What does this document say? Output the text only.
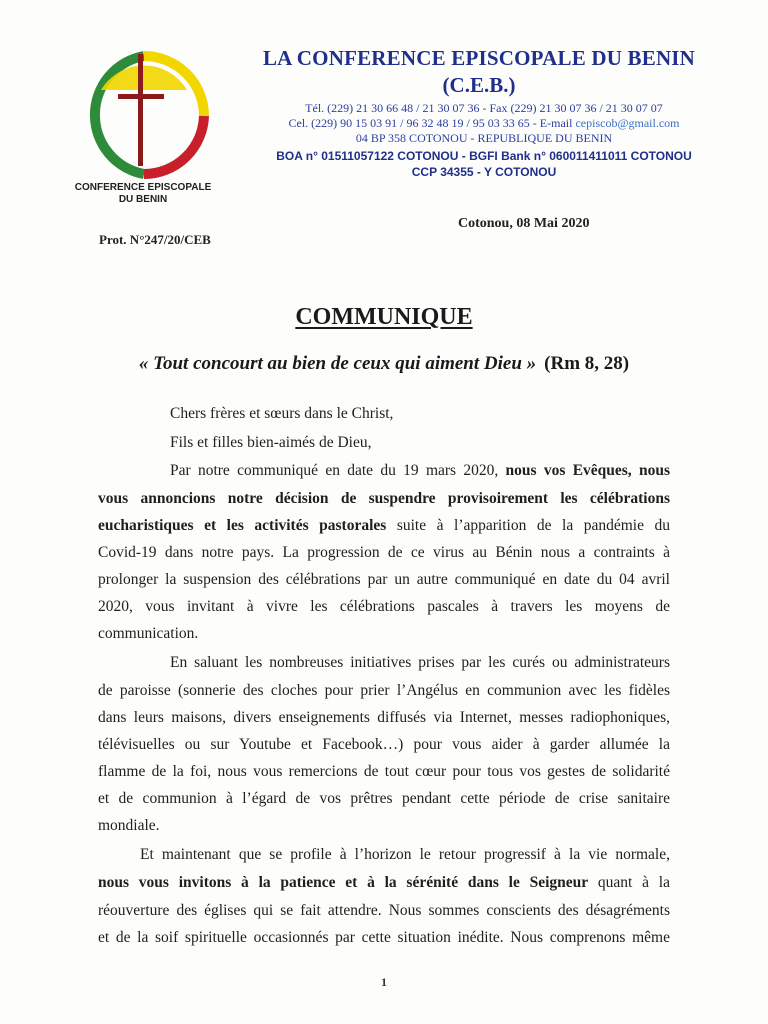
CONFERENCE EPISCOPALE
DU BENIN
LA CONFERENCE EPISCOPALE DU BENIN
(C.E.B.)
Tél. (229) 21 30 66 48 / 21 30 07 36 - Fax (229) 21 30 07 36 / 21 30 07 07
Cel. (229) 90 15 03 91 / 96 32 48 19 / 95 03 33 65 - E-mail cepiscob@gmail.com
04 BP 358 COTONOU - REPUBLIQUE DU BENIN
BOA n° 01511057122 COTONOU - BGFI Bank n° 060011411011 COTONOU
CCP 34355 - Y COTONOU
Cotonou, 08 Mai 2020
Prot. N°247/20/CEB
COMMUNIQUE
« Tout concourt au bien de ceux qui aiment Dieu » (Rm 8, 28)
Chers frères et sœurs dans le Christ,
Fils et filles bien-aimés de Dieu,
Par notre communiqué en date du 19 mars 2020, nous vos Evêques, nous
vous annoncions notre décision de suspendre provisoirement les célébrations
eucharistiques et les activités pastorales suite à l’apparition de la pandémie du
Covid-19 dans notre pays. La progression de ce virus au Bénin nous a contraints à
prolonger la suspension des célébrations par un autre communiqué en date du 04 avril
2020, vous invitant à vivre les célébrations pascales à travers les moyens de
communication.
En saluant les nombreuses initiatives prises par les curés ou administrateurs
de paroisse (sonnerie des cloches pour prier l’Angélus en communion avec les fidèles
dans leurs maisons, divers enseignements diffusés via Internet, messes radiophoniques,
télévisuelles ou sur Youtube et Facebook…) pour vous aider à garder allumée la
flamme de la foi, nous vous remercions de tout cœur pour tous vos gestes de solidarité
et de communion à l’égard de vos prêtres pendant cette période de crise sanitaire
mondiale.
Et maintenant que se profile à l’horizon le retour progressif à la vie normale,
nous vous invitons à la patience et à la sérénité dans le Seigneur quant à la
réouverture des églises qui se fait attendre. Nous sommes conscients des désagréments
et de la soif spirituelle occasionnés par cette situation inédite. Nous comprenons même
1
